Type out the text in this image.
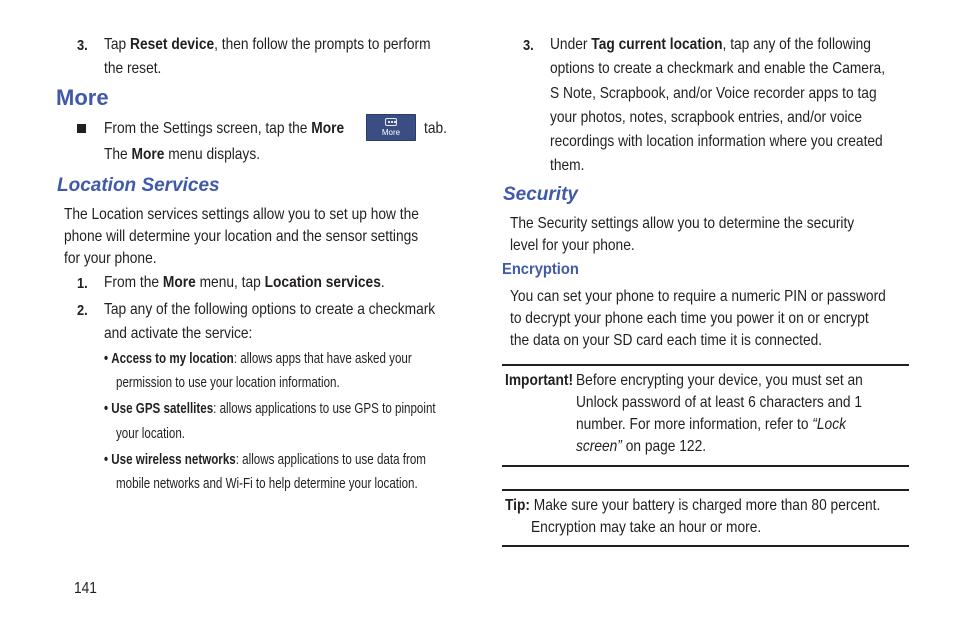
3. Tap Reset device, then follow the prompts to perform
the reset.
More
From the Settings screen, tap the More	More	tab.
The More menu displays.
Location Services
The Location services settings allow you to set up how the
phone will determine your location and the sensor settings
for your phone.
1. From the More menu, tap Location services.
2. Tap any of the following options to create a checkmark
and activate the service:
• Access to my location: allows apps that have asked your
permission to use your location information.
• Use GPS satellites: allows applications to use GPS to pinpoint
your location.
• Use wireless networks: allows applications to use data from
mobile networks and Wi-Fi to help determine your location.
141
3. Under Tag current location, tap any of the following
options to create a checkmark and enable the Camera,
S Note, Scrapbook, and/or Voice recorder apps to tag
your photos, notes, scrapbook entries, and/or voice
recordings with location information where you created
them.
Security
The Security settings allow you to determine the security
level for your phone.
Encryption
You can set your phone to require a numeric PIN or password
to decrypt your phone each time you power it on or encrypt
the data on your SD card each time it is connected.
Important! Before encrypting your device, you must set an
Unlock password of at least 6 characters and 1
number. For more information, refer to “Lock
screen” on page 122.
Tip: Make sure your battery is charged more than 80 percent.
Encryption may take an hour or more.
